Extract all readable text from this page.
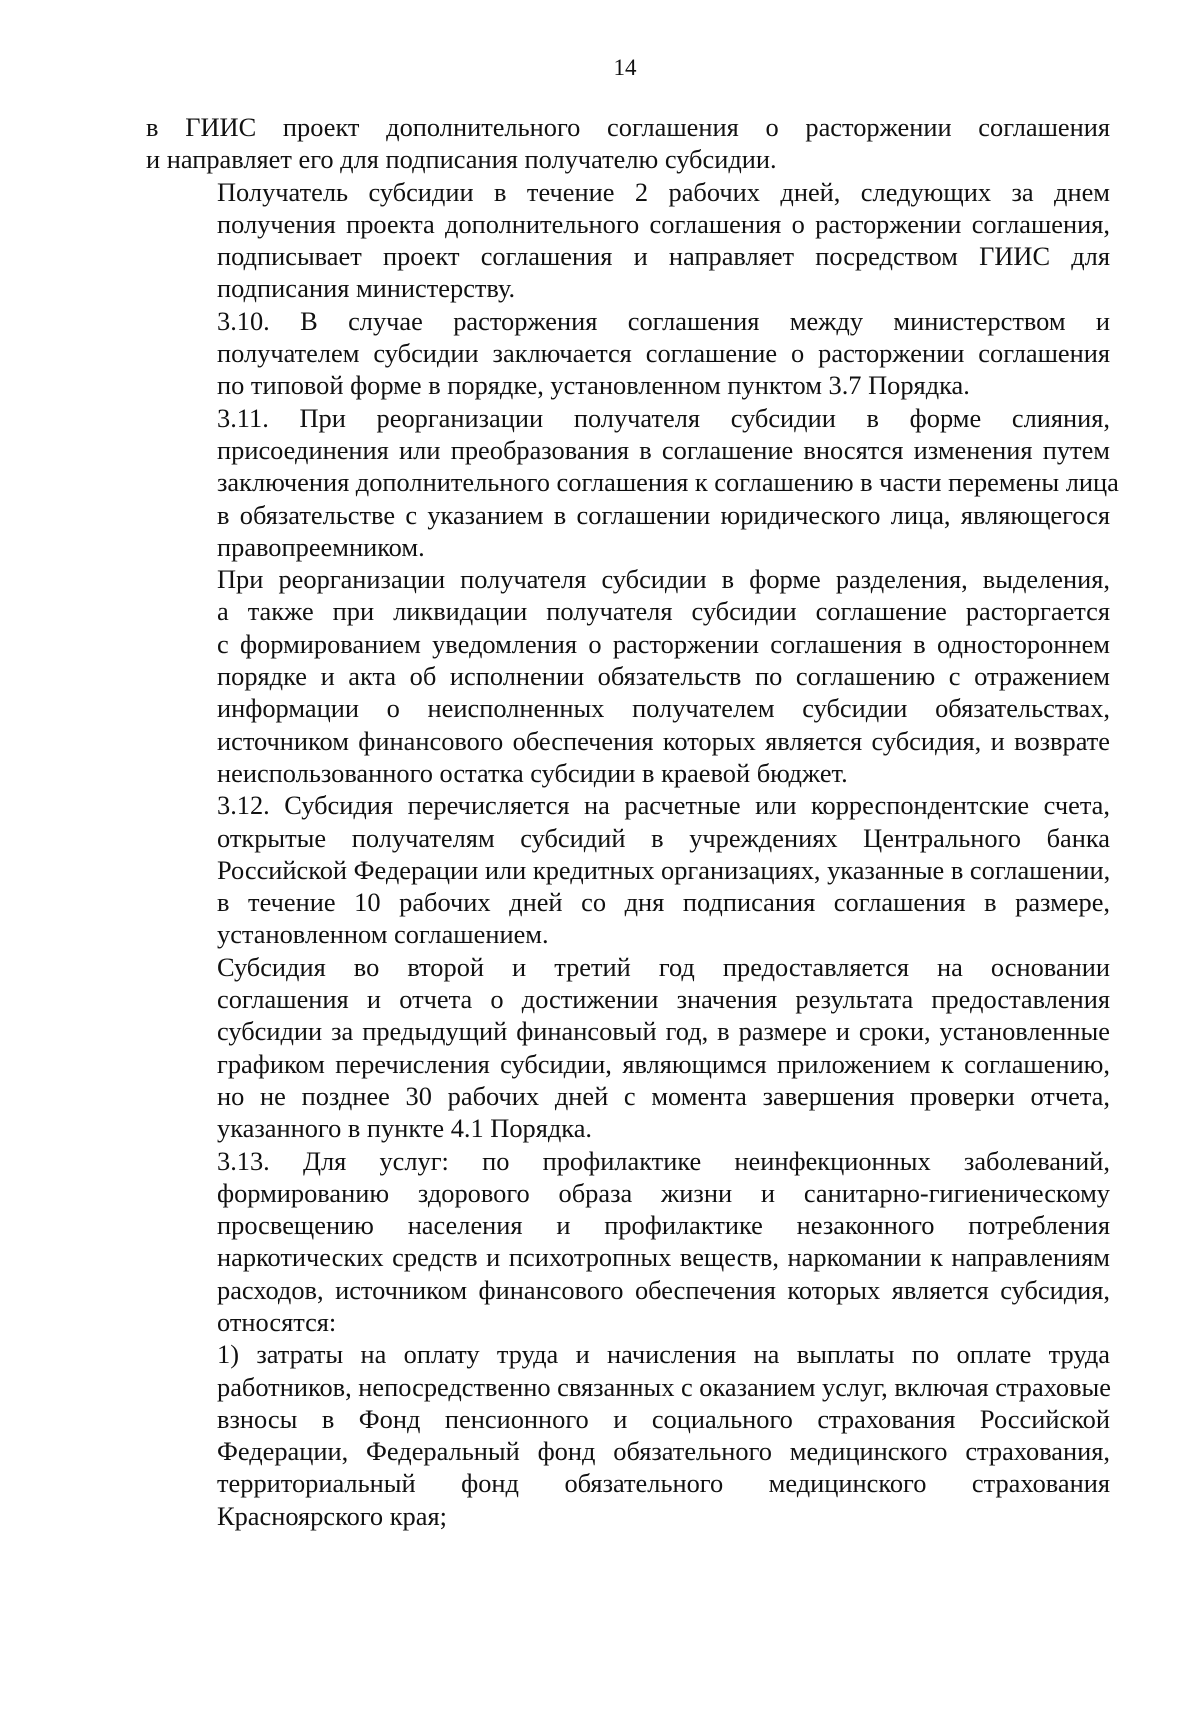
14

в ГИИС проект дополнительного соглашения о расторжении соглашения
и направляет его для подписания получателю субсидии.

Получатель субсидии в течение 2 рабочих дней, следующих за днем
получения проекта дополнительного соглашения о расторжении соглашения,
подписывает проект соглашения и направляет посредством ГИИС для
подписания министерству.

3.10. В случае расторжения соглашения между министерством и
получателем субсидии заключается соглашение о расторжении соглашения
по типовой форме в порядке, установленном пунктом 3.7 Порядка.

3.11. При реорганизации получателя субсидии в форме слияния,
присоединения или преобразования в соглашение вносятся изменения путем
заключения дополнительного соглашения к соглашению в части перемены лица
в обязательстве с указанием в соглашении юридического лица, являющегося
правопреемником.

При реорганизации получателя субсидии в форме разделения, выделения,
а также при ликвидации получателя субсидии соглашение расторгается
с формированием уведомления о расторжении соглашения в одностороннем
порядке и акта об исполнении обязательств по соглашению с отражением
информации о неисполненных получателем субсидии обязательствах,
источником финансового обеспечения которых является субсидия, и возврате
неиспользованного остатка субсидии в краевой бюджет.

3.12. Субсидия перечисляется на расчетные или корреспондентские счета,
открытые получателям субсидий в учреждениях Центрального банка
Российской Федерации или кредитных организациях, указанные в соглашении,
в течение 10 рабочих дней со дня подписания соглашения в размере,
установленном соглашением.

Субсидия во второй и третий год предоставляется на основании
соглашения и отчета о достижении значения результата предоставления
субсидии за предыдущий финансовый год, в размере и сроки, установленные
графиком перечисления субсидии, являющимся приложением к соглашению,
но не позднее 30 рабочих дней с момента завершения проверки отчета,
указанного в пункте 4.1 Порядка.

3.13. Для услуг: по профилактике неинфекционных заболеваний,
формированию здорового образа жизни и санитарно-гигиеническому
просвещению населения и профилактике незаконного потребления
наркотических средств и психотропных веществ, наркомании к направлениям
расходов, источником финансового обеспечения которых является субсидия,
относятся:

1) затраты на оплату труда и начисления на выплаты по оплате труда
работников, непосредственно связанных с оказанием услуг, включая страховые
взносы в Фонд пенсионного и социального страхования Российской
Федерации, Федеральный фонд обязательного медицинского страхования,
территориальный фонд обязательного медицинского страхования
Красноярского края;
